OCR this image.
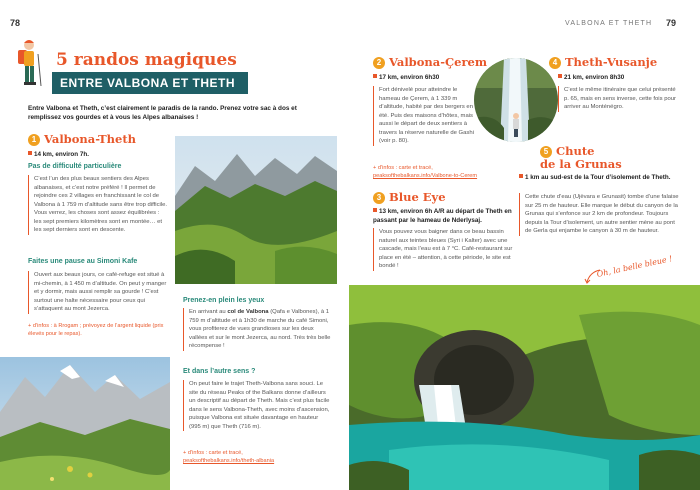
78	VALBONA ET THETH 79
5 randos magiques
ENTRE VALBONA ET THETH
Entre Valbona et Theth, c’est clairement le paradis de la rando. Prenez votre sac à dos et remplissez vos gourdes et à vous les Alpes albanaises !
1 Valbona-Theth
14 km, environ 7h.
Pas de difficulté particulière
C’est l’un des plus beaux sentiers des Alpes albanaises, et c’est notre préféré ! Il permet de rejoindre ces 2 villages en franchissant le col de Valbona à 1 759 m d’altitude sans être trop difficile. Vous verrez, les choses sont assez équilibrées : les sept premiers kilomètres sont en montée… et les sept derniers sont en descente.
Faites une pause au Simoni Kafe
Ouvert aux beaux jours, ce café-refuge est situé à mi-chemin, à 1 450 m d’altitude. On peut y manger et y dormir, mais aussi remplir sa gourde ! C’est surtout une halte nécessaire pour ceux qui s’attaquent au mont Jezerca.
+ d’infos : à Rrogam ; prévoyez de l’argent liquide (prix élevés pour le repas).
Prenez-en plein les yeux
En arrivant au col de Valbona (Qafa e Valbones), à 1 759 m d’altitude et à 1h30 de marche du café Simoni, vous profiterez de vues grandioses sur les deux vallées et sur le mont Jezerca, au nord. Très très belle récompense !
Et dans l’autre sens ?
On peut faire le trajet Theth-Valbona sans souci. Le site du réseau Peaks of the Balkans donne d’ailleurs un descriptif au départ de Theth. Mais c’est plus facile dans le sens Valbona-Theth, avec moins d’ascension, puisque Valbona est située davantage en hauteur (995 m) que Theth (716 m).
+ d’infos : carte et tracé,
peaksofthebalkans.info/theth-albania
2 Valbona-Çerem
17 km, environ 6h30
Fort dénivelé pour atteindre le hameau de Çerem, à 1 339 m d’altitude, habité par des bergers en été. Puis des maisons d’hôtes, mais aussi le départ de deux sentiers à travers la réserve naturelle de Gashi (voir p. 80).
+ d’infos : carte et tracé,
peaksofthebalkans.info/Valbone-to-Cerem
3 Blue Eye
13 km, environ 6h A/R au départ de Theth en passant par le hameau de Nderlysaj.
Vous pouvez vous baigner dans ce beau bassin naturel aux teintes bleues (Syri i Kalter) avec une cascade, mais l’eau est à 7 °C. Café-restaurant sur place en été – attention, à cette période, le site est bondé !
4 Theth-Vusanje
21 km, environ 8h30
C’est le même itinéraire que celui présenté p. 65, mais en sens inverse, cette fois pour arriver au Monténégro.
5 Chute
de la Grunas
1 km au sud-est de la Tour d’isolement de Theth.
Cette chute d’eau (Ujëvara e Grunasit) tombe d’une falaise sur 25 m de hauteur. Elle marque le début du canyon de la Grunas qui s’enfonce sur 2 km de profondeur. Toujours depuis la Tour d’isolement, un autre sentier mène au pont de Gerla qui enjambe le canyon à 30 m de hauteur.
Oh, la belle bleue !
